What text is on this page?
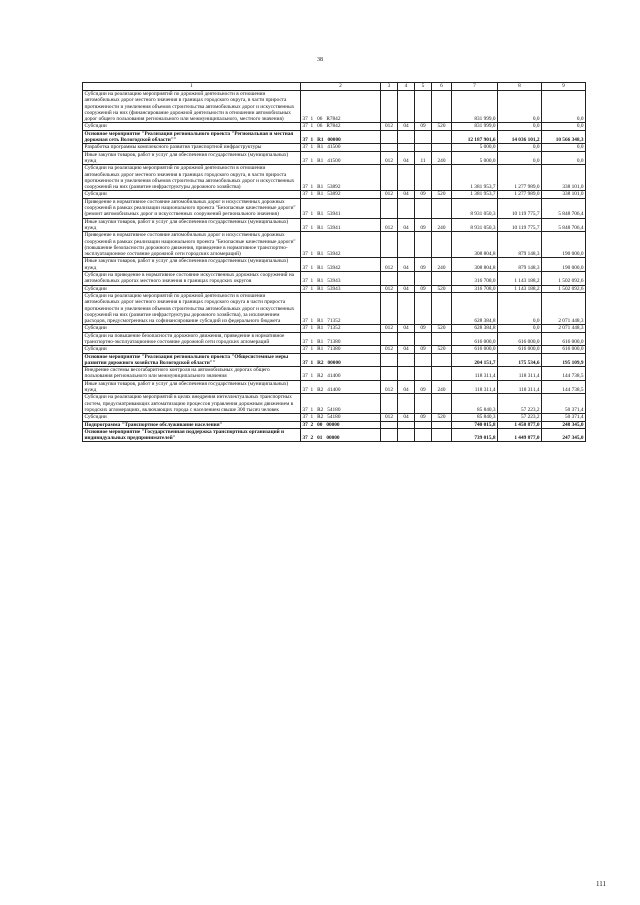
38
1	2	3	4	5	6	7	8	9
Субсидии на реализацию мероприятий по дорожной деятельности в отношении автомобильных дорог местного значения в границах городского округа, в части прироста протяженности и увеличения объемов строительства автомобильных дорог и искусственных сооружений на них (финансирование дорожной деятельности в отношении автомобильных дорог общего пользования регионального или межмуниципального, местного значения)	37  1   06   R7842					831 999,0	0,0	0,0
Субсидии	37  1   06   R7842	012	04	09	520	831 999,0	0,0	0,0
Основное мероприятие "Реализация регионального проекта "Региональная и местная дорожная сеть Вологодской области""	37  1   R1   00000					12 187 901,6	14 036 101,2	10 566 348,3
Разработка программы комплексного развития транспортной инфраструктуры	37  1   R1   41500					5 000,0	0,0	0,0
Иные закупки товаров, работ и услуг для обеспечения государственных (муниципальных) нужд	37  1   R1   41500	012	04	11	240	5 000,0	0,0	0,0
Субсидии на реализацию мероприятий по дорожной деятельности в отношении автомобильных дорог местного значения в границах городского округа, в части прироста протяженности и увеличения объемов строительства автомобильных дорог и искусственных сооружений на них (развитие инфраструктуры дорожного хозяйства)	37  1   R1   53892					1 381 953,7	1 277 989,0	338 101,0
Субсидии	37  1   R1   53892	012	04	09	520	1 381 953,7	1 277 989,0	338 101,0
Приведение в нормативное состояние автомобильных дорог и искусственных дорожных сооружений в рамках реализации национального проекта "Безопасные качественные дороги" (ремонт автомобильных дорог и искусственных сооружений регионального значения)	37  1   R1   53941					8 931 050,3	10 119 775,7	5 848 706,4
Иные закупки товаров, работ и услуг для обеспечения государственных (муниципальных) нужд	37  1   R1   53941	012	04	09	240	8 931 050,3	10 119 775,7	5 848 706,4
Приведение в нормативное состояние автомобильных дорог и искусственных дорожных сооружений в рамках реализации национального проекта "Безопасные качественные дороги" (повышение безопасности дорожного движения, приведение в нормативное транспортно-эксплуатационное состояние дорожной сети городских агломераций)	37  1   R1   53942					308 804,8	879 148,3	190 000,0
Иные закупки товаров, работ и услуг для обеспечения государственных (муниципальных) нужд	37  1   R1   53942	012	04	09	240	308 804,8	879 148,3	190 000,0
Субсидии на приведение в нормативное состояние искусственных дорожных сооружений на автомобильных дорогах местного значения в границах городских округов	37  1   R1   53943					316 708,0	1 143 188,2	1 502 092,6
Субсидии	37  1   R1   53943	012	04	09	520	316 708,0	1 143 188,2	1 502 092,6
Субсидии на реализацию мероприятий по дорожной деятельности в отношении автомобильных дорог местного значения в границах городского округа в части прироста протяженности и увеличения объемов строительства автомобильных дорог и искусственных сооружений на них (развитие инфраструктуры дорожного хозяйства), за исключением расходов, предусмотренных на софинансирование субсидий из федерального бюджета	37  1   R1   71352					628 384,8	0,0	2 071 448,3
Субсидии	37  1   R1   71352	012	04	09	520	628 384,8	0,0	2 071 448,3
Субсидии на повышение безопасности дорожного движения, приведение в нормативное транспортно-эксплуатационное состояние дорожной сети городских агломераций	37  1   R1   71380					616 000,0	616 000,0	616 000,0
Субсидии	37  1   R1   71380	012	04	09	520	616 000,0	616 000,0	616 000,0
Основное мероприятие "Реализация регионального проекта "Общесистемные меры развития дорожного хозяйства Вологодской области""	37  1   R2   00000					204 151,7	175 534,6	195 109,9
Внедрение системы весогабаритного контроля на автомобильных дорогах общего пользования регионального или межмуниципального значения	37  1   R2   41400					118 311,4	118 311,4	144 738,5
Иные закупки товаров, работ и услуг для обеспечения государственных (муниципальных) нужд	37  1   R2   41400	012	04	09	240	118 311,4	118 311,4	144 738,5
Субсидии на реализацию мероприятий в целях внедрения интеллектуальных транспортных систем, предусматривающих автоматизацию процессов управления дорожным движением в городских агломерациях, включающих города с населением свыше 300 тысяч человек	37  1   R2   54180					85 840,3	57 223,2	50 371,4
Субсидии	37  1   R2   54180	012	04	09	520	85 840,3	57 223,2	50 371,4
Подпрограмма "Транспортное обслуживание населения"	37  2   00   00000					740 015,8	1 450 877,0	248 345,0
Основное мероприятие "Государственная поддержка транспортных организаций и индивидуальных предпринимателей"	37  2   01   00000					739 015,8	1 449 877,0	247 345,0
111
